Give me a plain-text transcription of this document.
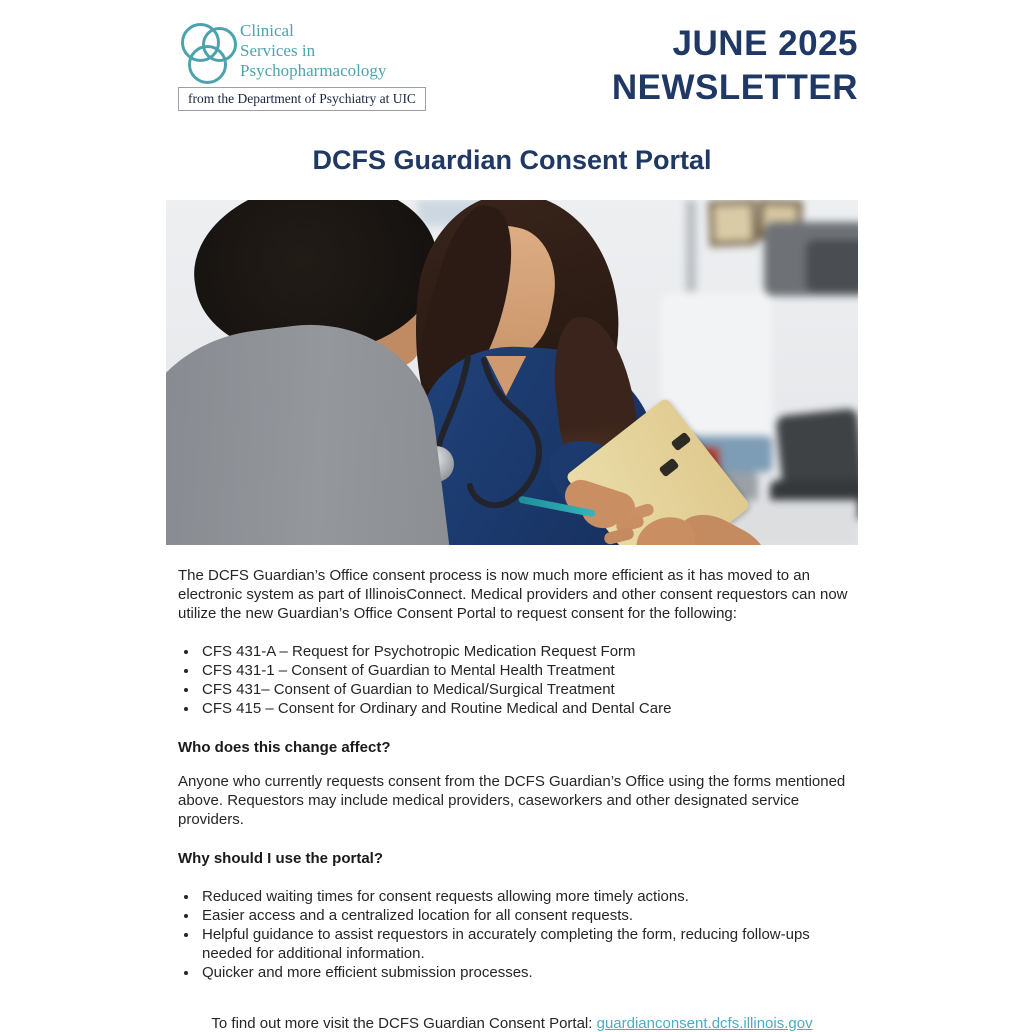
Clinical
Services in
Psychopharmacology
from the Department of Psychiatry at UIC
JUNE 2025
NEWSLETTER
DCFS Guardian Consent Portal

The DCFS Guardian’s Office consent process is now much more efficient as it has moved to an electronic system as part of IllinoisConnect. Medical providers and other consent requestors can now utilize the new Guardian’s Office Consent Portal to request consent for the following:

• CFS 431-A – Request for Psychotropic Medication Request Form
• CFS 431-1 – Consent of Guardian to Mental Health Treatment
• CFS 431– Consent of Guardian to Medical/Surgical Treatment
• CFS 415 – Consent for Ordinary and Routine Medical and Dental Care

Who does this change affect?

Anyone who currently requests consent from the DCFS Guardian’s Office using the forms mentioned above. Requestors may include medical providers, caseworkers and other designated service providers.

Why should I use the portal?

• Reduced waiting times for consent requests allowing more timely actions.
• Easier access and a centralized location for all consent requests.
• Helpful guidance to assist requestors in accurately completing the form, reducing follow-ups needed for additional information.
• Quicker and more efficient submission processes.

To find out more visit the DCFS Guardian Consent Portal: guardianconsent.dcfs.illinois.gov
